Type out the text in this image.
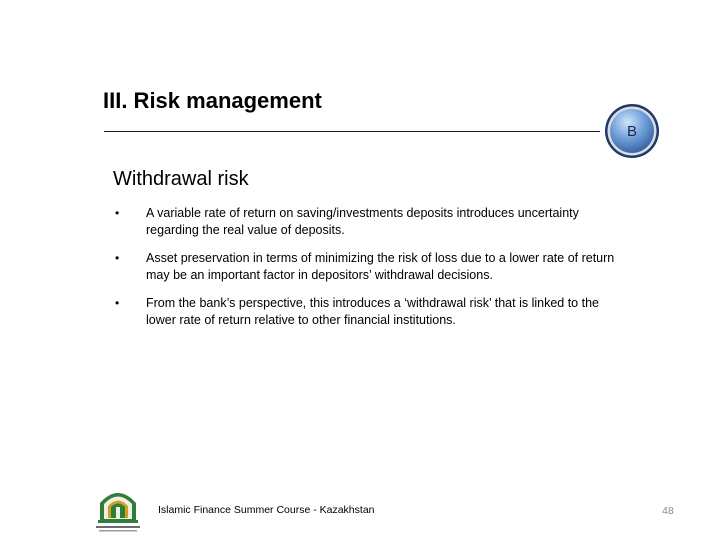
III. Risk management
B
Withdrawal risk
• A variable rate of return on saving/investments deposits introduces uncertainty regarding the real value of deposits.
• Asset preservation in terms of minimizing the risk of loss due to a lower rate of return may be an important factor in depositors’ withdrawal decisions.
• From the bank’s perspective, this introduces a ‘withdrawal risk’ that is linked to the lower rate of return relative to other financial institutions.
Islamic Finance Summer Course - Kazakhstan	48
